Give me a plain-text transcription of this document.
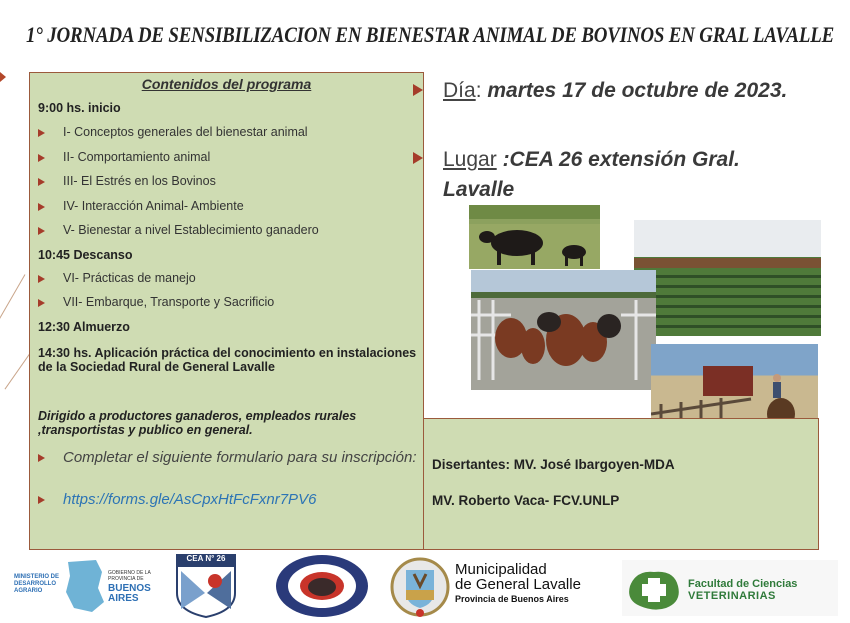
1° JORNADA DE SENSIBILIZACION EN BIENESTAR ANIMAL DE BOVINOS EN GRAL LAVALLE
Contenidos del programa
9:00 hs. inicio
I- Conceptos generales del bienestar animal
II- Comportamiento animal
III- El Estrés en los Bovinos
IV- Interacción Animal- Ambiente
V- Bienestar a nivel Establecimiento ganadero
10:45 Descanso
VI- Prácticas de manejo
VII- Embarque, Transporte y Sacrificio
12:30 Almuerzo
14:30 hs. Aplicación práctica del conocimiento en instalaciones de la Sociedad Rural de General Lavalle
Dirigido a productores ganaderos, empleados rurales ,transportistas y publico en general.
Completar el siguiente formulario para su inscripción:
https://forms.gle/AsCpxHtFcFxnr7PV6
Día: martes 17 de octubre de 2023.
Lugar :CEA 26 extensión Gral. Lavalle
Disertantes: MV. José Ibargoyen-MDA
MV. Roberto Vaca- FCV.UNLP
MINISTERIO DE DESARROLLO AGRARIO
GOBIERNO DE LA PROVINCIA DE
BUENOS AIRES
CEA N° 26
Municipalidad
de General Lavalle
Provincia de Buenos Aires
Facultad de Ciencias
VETERINARIAS
